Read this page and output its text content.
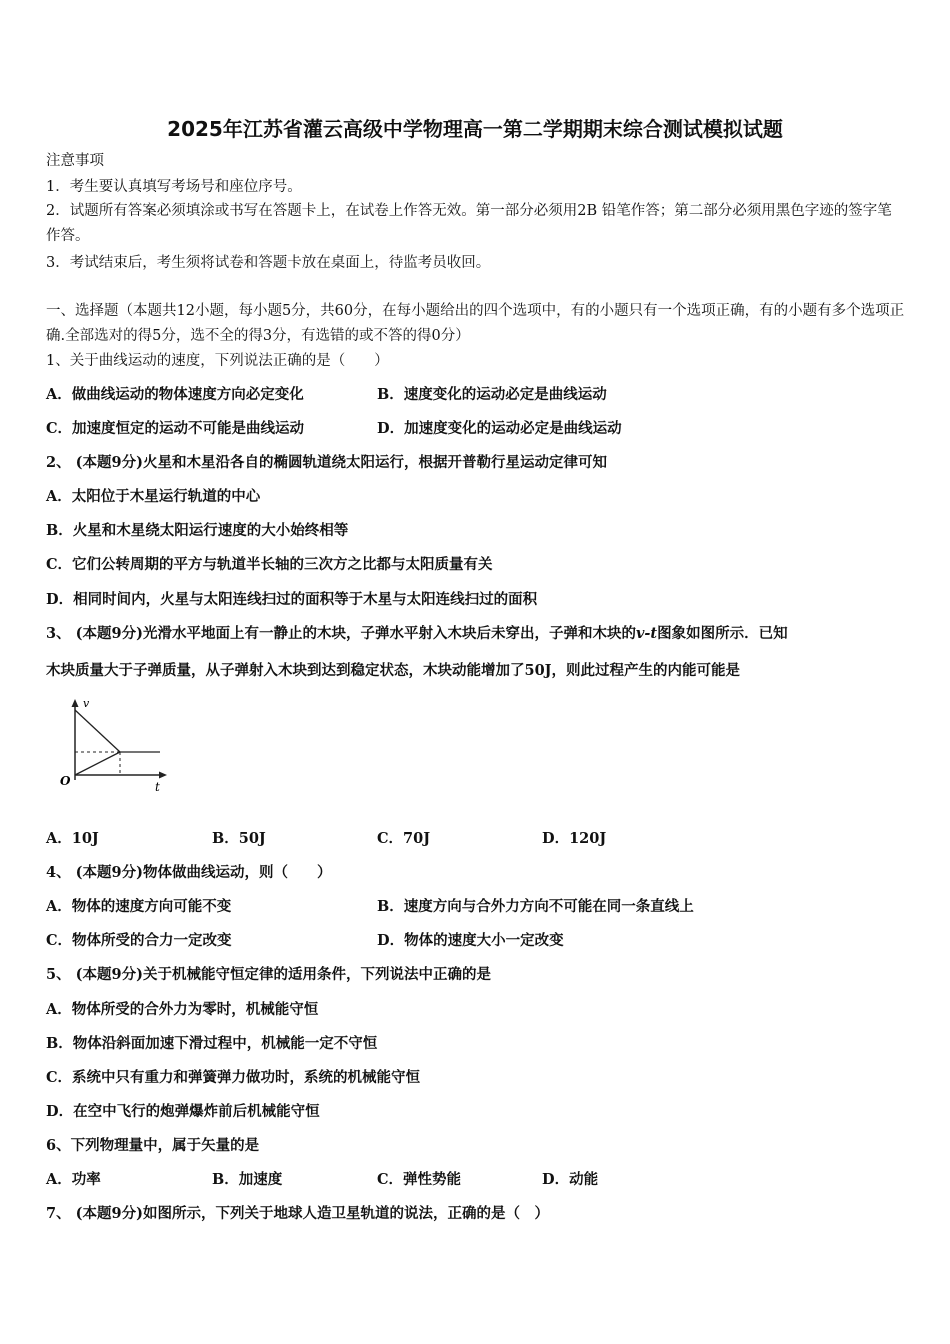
2025年江苏省灌云高级中学物理高一第二学期期末综合测试模拟试题
注意事项
1．考生要认真填写考场号和座位序号。
2．试题所有答案必须填涂或书写在答题卡上，在试卷上作答无效。第一部分必须用2B 铅笔作答；第二部分必须用黑色字迹的签字笔作答。
3．考试结束后，考生须将试卷和答题卡放在桌面上，待监考员收回。
一、选择题（本题共12小题，每小题5分，共60分，在每小题给出的四个选项中，有的小题只有一个选项正确，有的小题有多个选项正确.全部选对的得5分，选不全的得3分，有选错的或不答的得0分）
1、关于曲线运动的速度，下列说法正确的是（　　）
A．做曲线运动的物体速度方向必定变化	B．速度变化的运动必定是曲线运动
C．加速度恒定的运动不可能是曲线运动	D．加速度变化的运动必定是曲线运动
2、 (本题9分)火星和木星沿各自的椭圆轨道绕太阳运行，根据开普勒行星运动定律可知
A．太阳位于木星运行轨道的中心
B．火星和木星绕太阳运行速度的大小始终相等
C．它们公转周期的平方与轨道半长轴的三次方之比都与太阳质量有关
D．相同时间内，火星与太阳连线扫过的面积等于木星与太阳连线扫过的面积
3、 (本题9分)光滑水平地面上有一静止的木块，子弹水平射入木块后未穿出，子弹和木块的v-t图象如图所示．已知
木块质量大于子弹质量，从子弹射入木块到达到稳定状态，木块动能增加了50J，则此过程产生的内能可能是
v
t
O
A．10J	B．50J	C．70J	D．120J
4、 (本题9分)物体做曲线运动，则（　　）
A．物体的速度方向可能不变	B．速度方向与合外力方向不可能在同一条直线上
C．物体所受的合力一定改变	D．物体的速度大小一定改变
5、 (本题9分)关于机械能守恒定律的适用条件，下列说法中正确的是
A．物体所受的合外力为零时，机械能守恒
B．物体沿斜面加速下滑过程中，机械能一定不守恒
C．系统中只有重力和弹簧弹力做功时，系统的机械能守恒
D．在空中飞行的炮弹爆炸前后机械能守恒
6、下列物理量中，属于矢量的是
A．功率	B．加速度	C．弹性势能	D．动能
7、 (本题9分)如图所示，下列关于地球人造卫星轨道的说法，正确的是（　）
